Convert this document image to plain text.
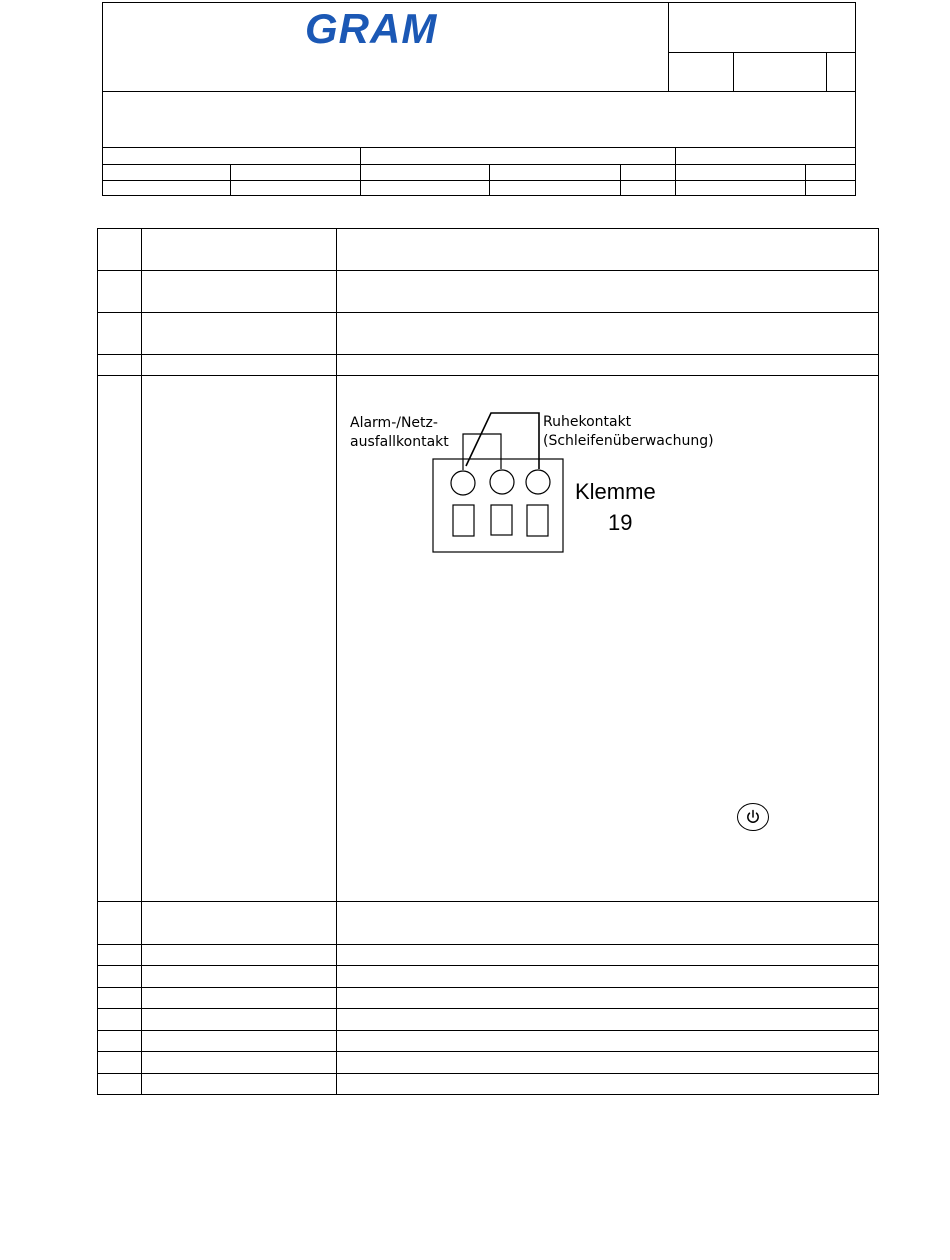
GRAM
Alarm-/Netz-
ausfallkontakt
Ruhekontakt
(Schleifenüberwachung)
Klemme
19
